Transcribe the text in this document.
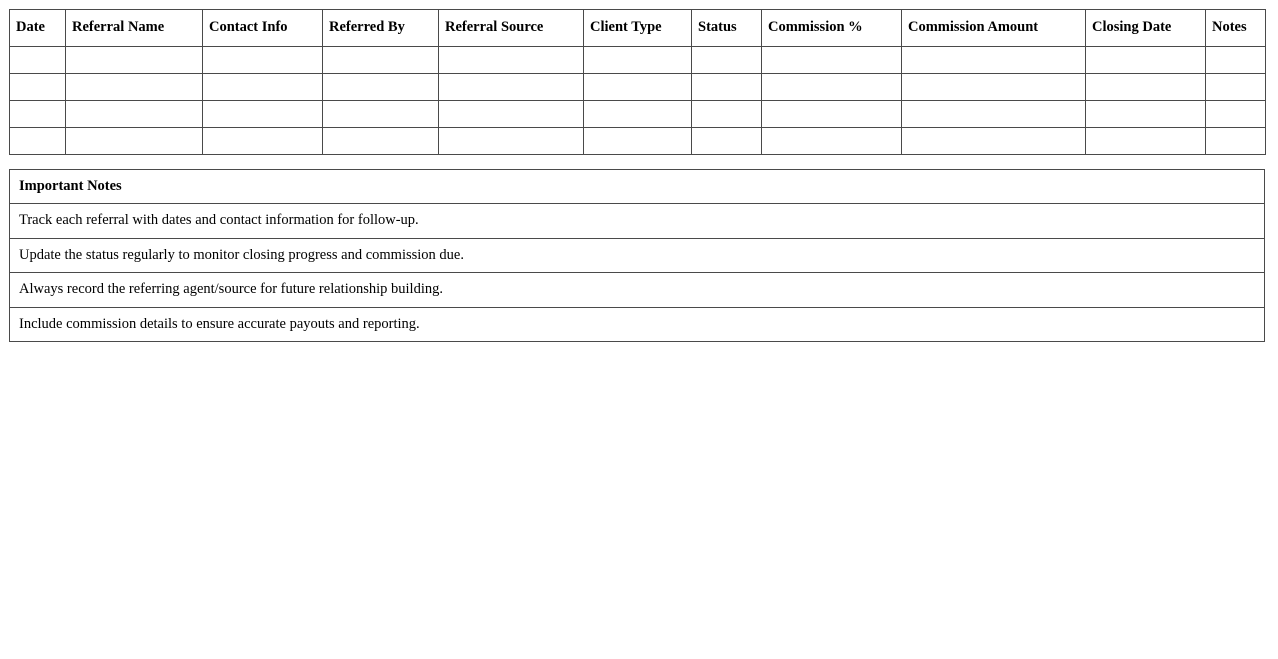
Date	Referral Name	Contact Info	Referred By	Referral Source	Client Type	Status	Commission %	Commission Amount	Closing Date	Notes

Important Notes
Track each referral with dates and contact information for follow-up.
Update the status regularly to monitor closing progress and commission due.
Always record the referring agent/source for future relationship building.
Include commission details to ensure accurate payouts and reporting.
